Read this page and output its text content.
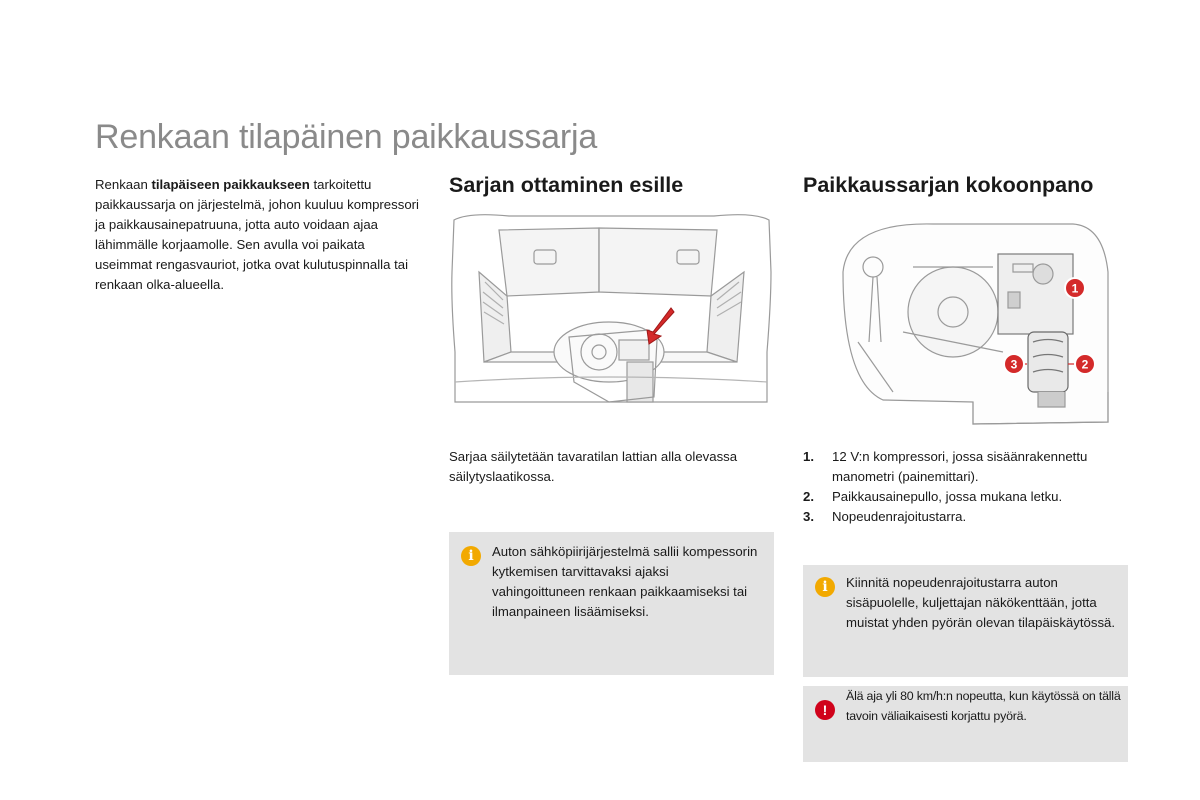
Renkaan tilapäinen paikkaussarja
Renkaan tilapäiseen paikkaukseen tarkoitettu paikkaussarja on järjestelmä, johon kuuluu kompressori ja paikkausainepatruuna, jotta auto voidaan ajaa lähimmälle korjaamolle. Sen avulla voi paikata useimmat rengasvauriot, jotka ovat kulutuspinnalla tai renkaan olka-alueella.
Sarjan ottaminen esille
Sarjaa säilytetään tavaratilan lattian alla olevassa säilytyslaatikossa.
i	Auton sähköpiirijärjestelmä sallii kompessorin kytkemisen tarvittavaksi ajaksi vahingoittuneen renkaan paikkaamiseksi tai ilmanpaineen lisäämiseksi.
Paikkaussarjan kokoonpano
1
2
3
1. 12 V:n kompressori, jossa sisäänrakennettu manometri (painemittari).
2. Paikkausainepullo, jossa mukana letku.
3. Nopeudenrajoitustarra.
i	Kiinnitä nopeudenrajoitustarra auton sisäpuolelle, kuljettajan näkökenttään, jotta muistat yhden pyörän olevan tilapäiskäytössä.
!
Älä aja yli 80 km/h:n nopeutta, kun käytössä on tällä tavoin väliaikaisesti korjattu pyörä.
